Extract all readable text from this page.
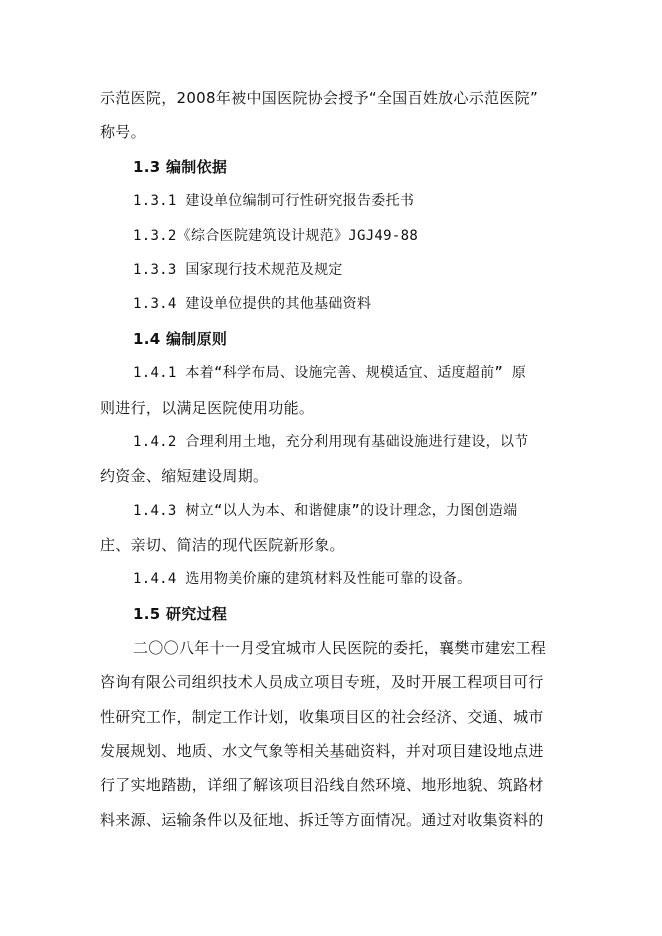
示范医院，2008年被中国医院协会授予“全国百姓放心示范医院”
称号。
1.3 编制依据
1.3.1 建设单位编制可行性研究报告委托书
1.3.2《综合医院建筑设计规范》JGJ49-88
1.3.3 国家现行技术规范及规定
1.3.4 建设单位提供的其他基础资料
1.4 编制原则
1.4.1 本着“科学布局、设施完善、规模适宜、适度超前” 原
则进行，以满足医院使用功能。
1.4.2 合理利用土地，充分利用现有基础设施进行建设，以节
约资金、缩短建设周期。
1.4.3 树立“以人为本、和谐健康”的设计理念，力图创造端
庄、亲切、简洁的现代医院新形象。
1.4.4 选用物美价廉的建筑材料及性能可靠的设备。
1.5 研究过程
二〇〇八年十一月受宜城市人民医院的委托，襄樊市建宏工程
咨询有限公司组织技术人员成立项目专班，及时开展工程项目可行
性研究工作，制定工作计划，收集项目区的社会经济、交通、城市
发展规划、地质、水文气象等相关基础资料，并对项目建设地点进
行了实地踏勘，详细了解该项目沿线自然环境、地形地貌、筑路材
料来源、运输条件以及征地、拆迁等方面情况。通过对收集资料的
